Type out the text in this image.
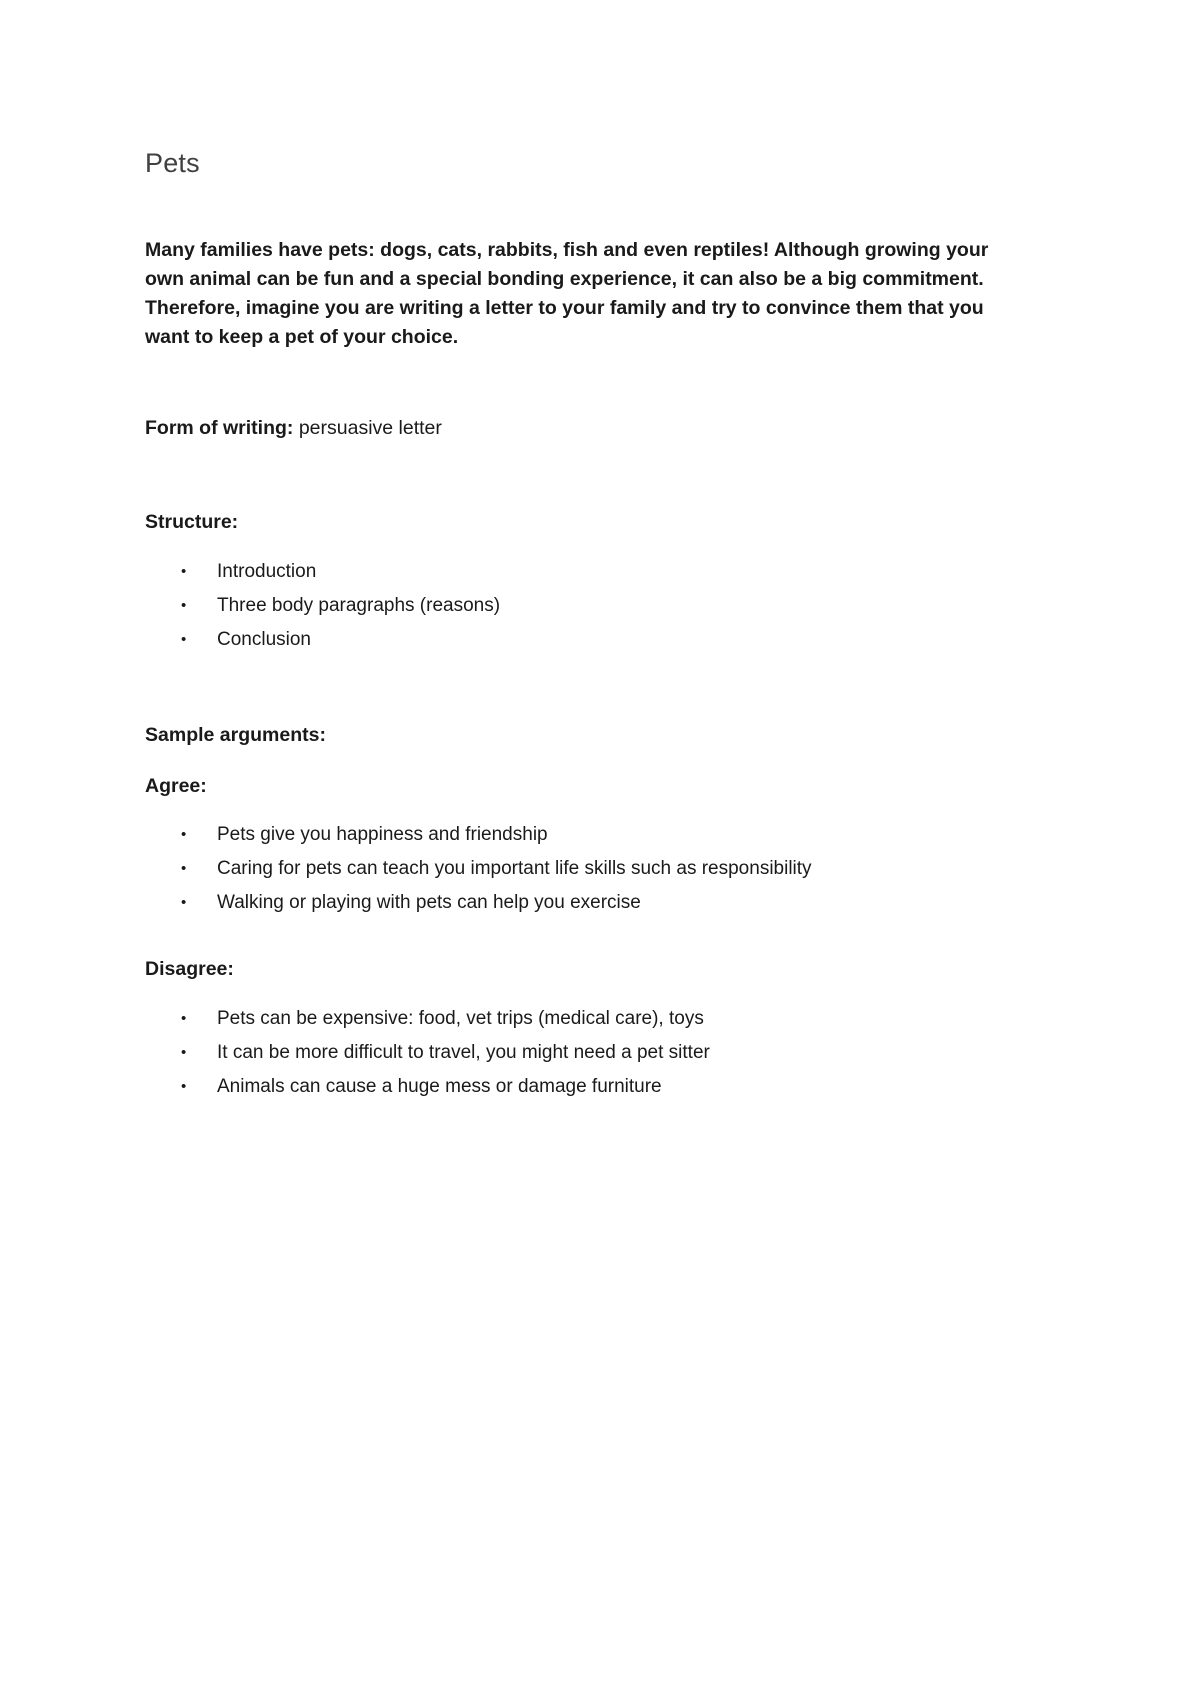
Pets

Many families have pets: dogs, cats, rabbits, fish and even reptiles! Although growing your own animal can be fun and a special bonding experience, it can also be a big commitment. Therefore, imagine you are writing a letter to your family and try to convince them that you want to keep a pet of your choice.

Form of writing: persuasive letter

Structure:

• Introduction
• Three body paragraphs (reasons)
• Conclusion

Sample arguments:

Agree:

• Pets give you happiness and friendship
• Caring for pets can teach you important life skills such as responsibility
• Walking or playing with pets can help you exercise

Disagree:

• Pets can be expensive: food, vet trips (medical care), toys
• It can be more difficult to travel, you might need a pet sitter
• Animals can cause a huge mess or damage furniture
